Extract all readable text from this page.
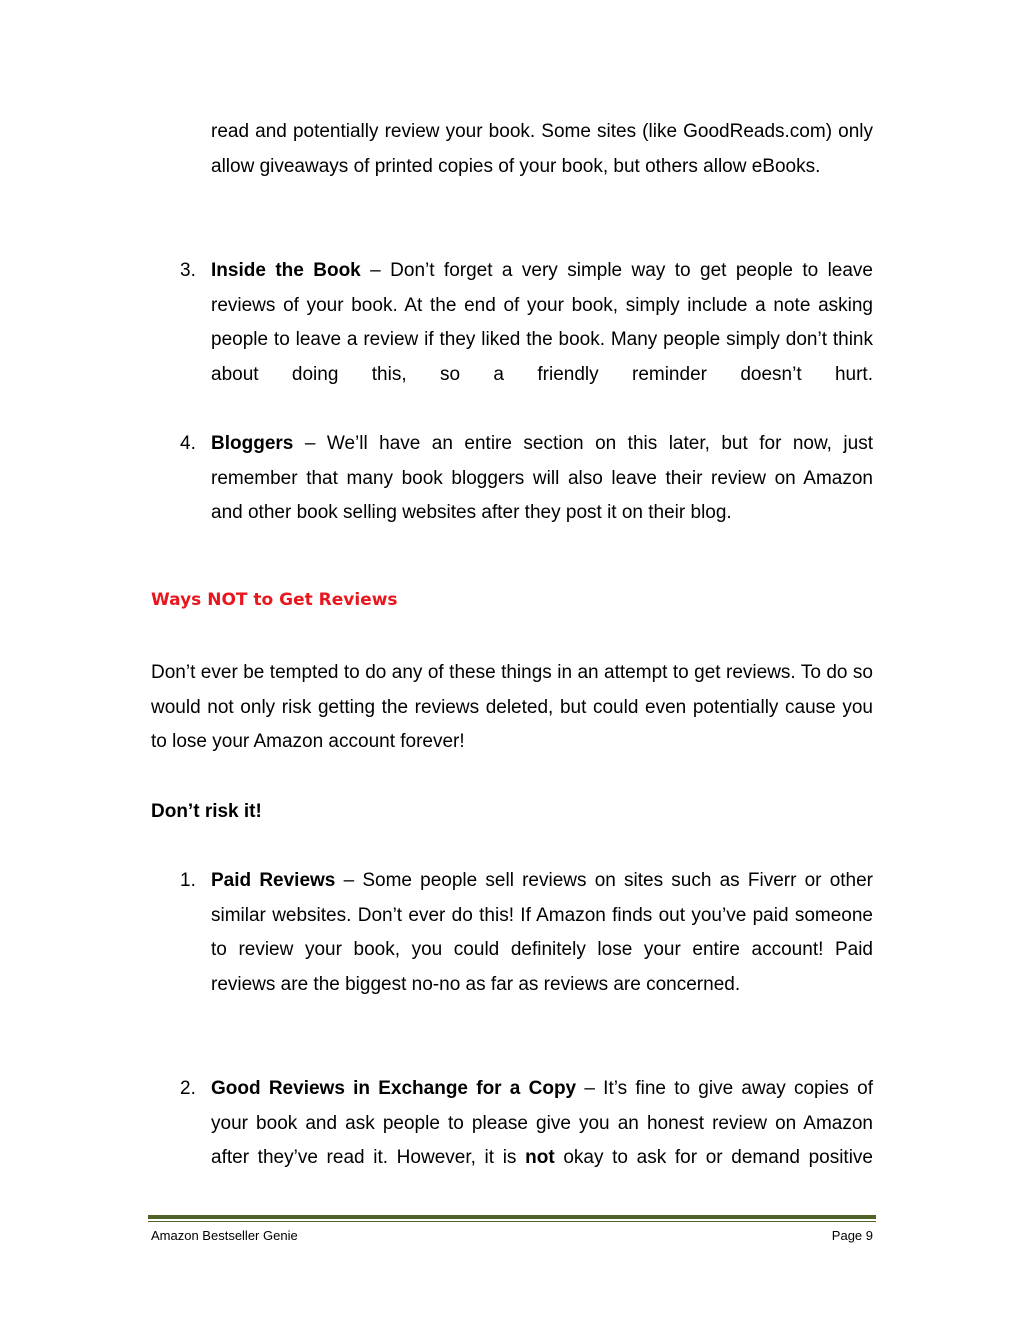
read and potentially review your book. Some sites (like GoodReads.com) only allow giveaways of printed copies of your book, but others allow eBooks.

3. Inside the Book – Don’t forget a very simple way to get people to leave reviews of your book. At the end of your book, simply include a note asking people to leave a review if they liked the book. Many people simply don’t think about doing this, so a friendly reminder doesn’t hurt.

4. Bloggers – We’ll have an entire section on this later, but for now, just remember that many book bloggers will also leave their review on Amazon and other book selling websites after they post it on their blog.

Ways NOT to Get Reviews

Don’t ever be tempted to do any of these things in an attempt to get reviews. To do so would not only risk getting the reviews deleted, but could even potentially cause you to lose your Amazon account forever!

Don’t risk it!

1. Paid Reviews – Some people sell reviews on sites such as Fiverr or other similar websites. Don’t ever do this! If Amazon finds out you’ve paid someone to review your book, you could definitely lose your entire account! Paid reviews are the biggest no-no as far as reviews are concerned.

2. Good Reviews in Exchange for a Copy – It’s fine to give away copies of your book and ask people to please give you an honest review on Amazon after they’ve read it. However, it is not okay to ask for or demand positive

Amazon Bestseller Genie	Page 9
